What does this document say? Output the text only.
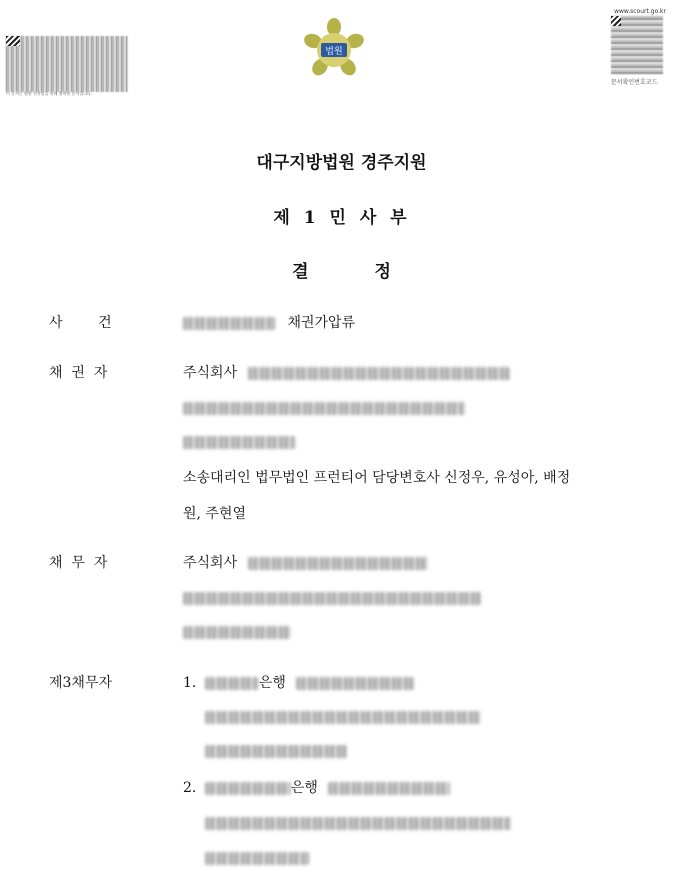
이 문서는 법원 전산망을 통해 출력된 문서입니다.
법원
www.scourt.go.kr
문서확인번호코드
대구지방법원 경주지원
제 1 민 사 부
결 정
사        건	채권가압류
채  권  자	주식회사
소송대리인 법무법인 프런티어 담당변호사 신정우, 유성아, 배정
원, 주현열
채  무  자	주식회사
제3채무자	1.	은행
2.	은행
